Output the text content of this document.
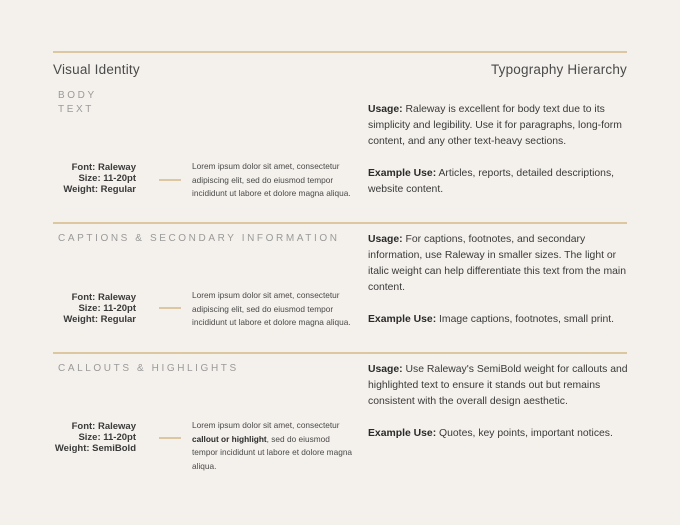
Visual Identity	Typography Hierarchy
BODY
TEXT
Font: Raleway
Size: 11-20pt
Weight: Regular
Lorem ipsum dolor sit amet, consectetur adipiscing elit, sed do eiusmod tempor incididunt ut labore et dolore magna aliqua.

Usage: Raleway is excellent for body text due to its simplicity and legibility. Use it for paragraphs, long-form content, and any other text-heavy sections.

Example Use: Articles, reports, detailed descriptions, website content.

CAPTIONS & SECONDARY INFORMATION
Font: Raleway
Size: 11-20pt
Weight: Regular
Lorem ipsum dolor sit amet, consectetur adipiscing elit, sed do eiusmod tempor incididunt ut labore et dolore magna aliqua.

Usage: For captions, footnotes, and secondary information, use Raleway in smaller sizes. The light or italic weight can help differentiate this text from the main content.

Example Use: Image captions, footnotes, small print.

CALLOUTS & HIGHLIGHTS
Font: Raleway
Size: 11-20pt
Weight: SemiBold
Lorem ipsum dolor sit amet, consectetur callout or highlight, sed do eiusmod tempor incididunt ut labore et dolore magna aliqua.

Usage: Use Raleway's SemiBold weight for callouts and highlighted text to ensure it stands out but remains consistent with the overall design aesthetic.

Example Use: Quotes, key points, important notices.
